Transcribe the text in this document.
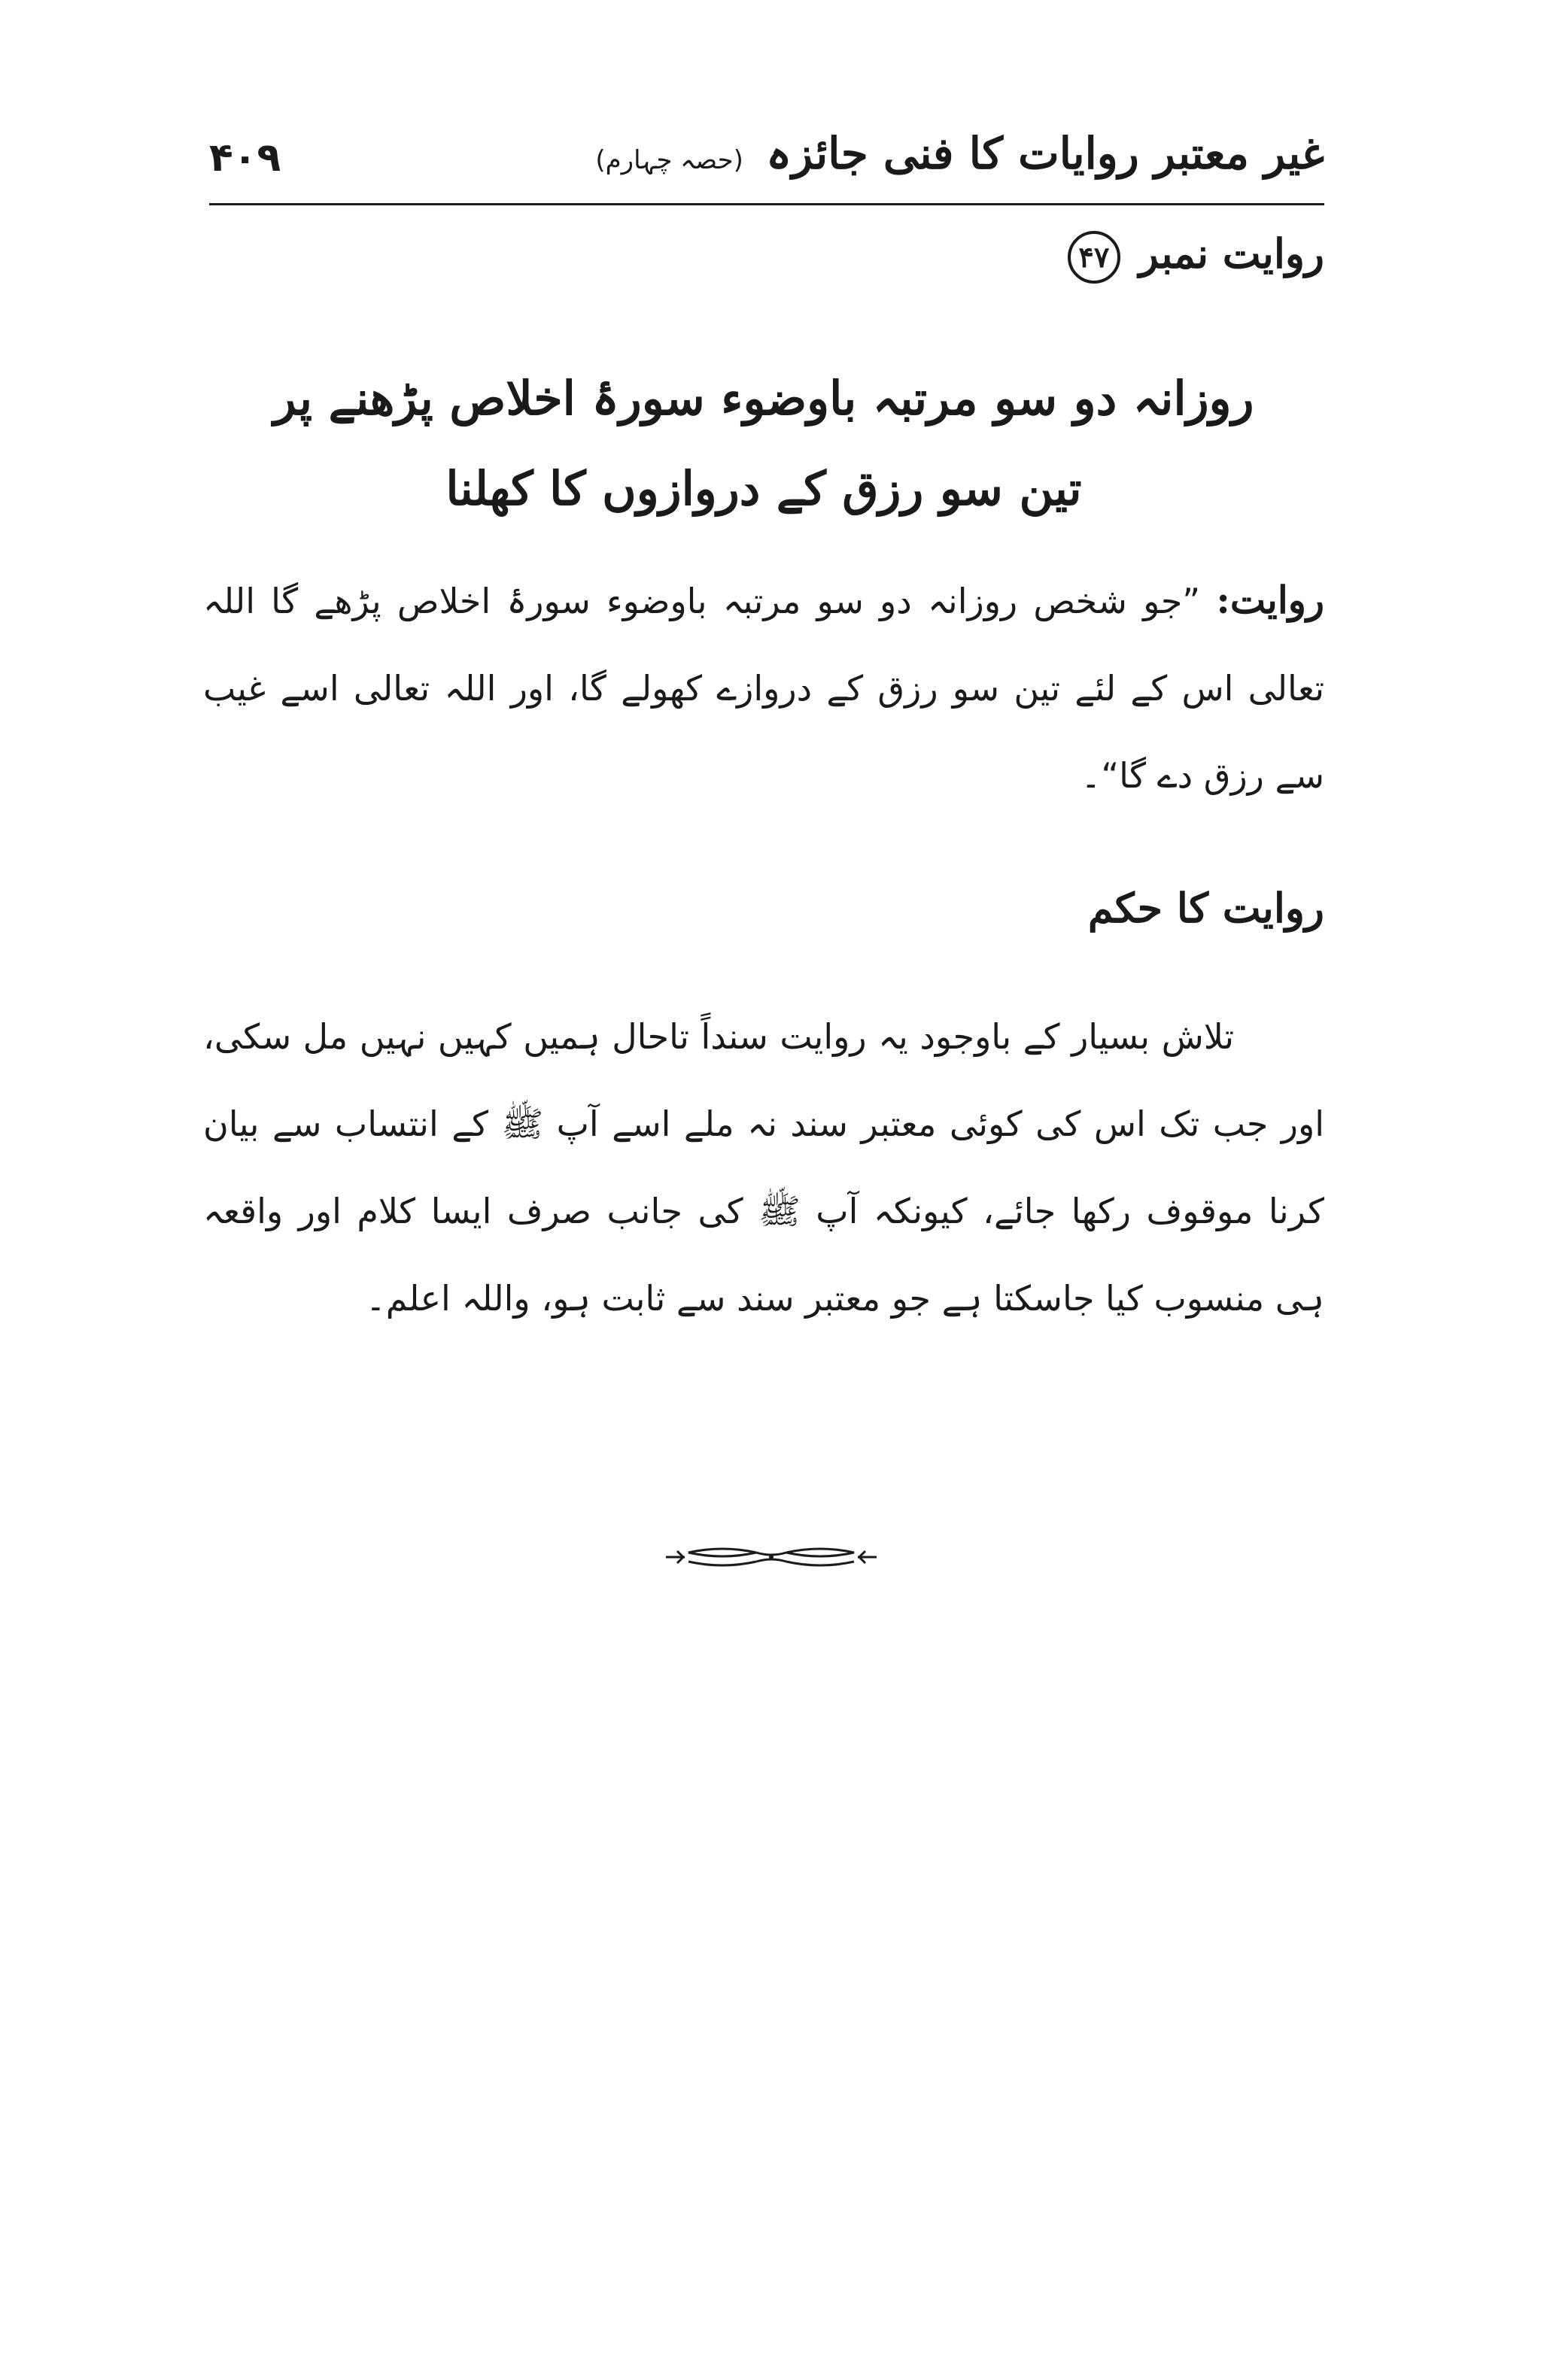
۴۰۹	غیر معتبر روایات کا فنی جائزہ (حصہ چہارم)
روایت نمبر ۴۷
روزانہ دو سو مرتبہ باوضوء سورۂ اخلاص پڑھنے پر
تین سو رزق کے دروازوں کا کھلنا
روایت: ”جو شخص روزانہ دو سو مرتبہ باوضوء سورۂ اخلاص پڑھے گا اللہ تعالی اس کے لئے تین سو رزق کے دروازے کھولے گا، اور اللہ تعالی اسے غیب سے رزق دے گا“۔
روایت کا حکم
تلاش بسیار کے باوجود یہ روایت سنداً تاحال ہمیں کہیں نہیں مل سکی، اور جب تک اس کی کوئی معتبر سند نہ ملے اسے آپ ﷺ کے انتساب سے بیان کرنا موقوف رکھا جائے، کیونکہ آپ ﷺ کی جانب صرف ایسا کلام اور واقعہ ہی منسوب کیا جاسکتا ہے جو معتبر سند سے ثابت ہو، واللہ اعلم۔
